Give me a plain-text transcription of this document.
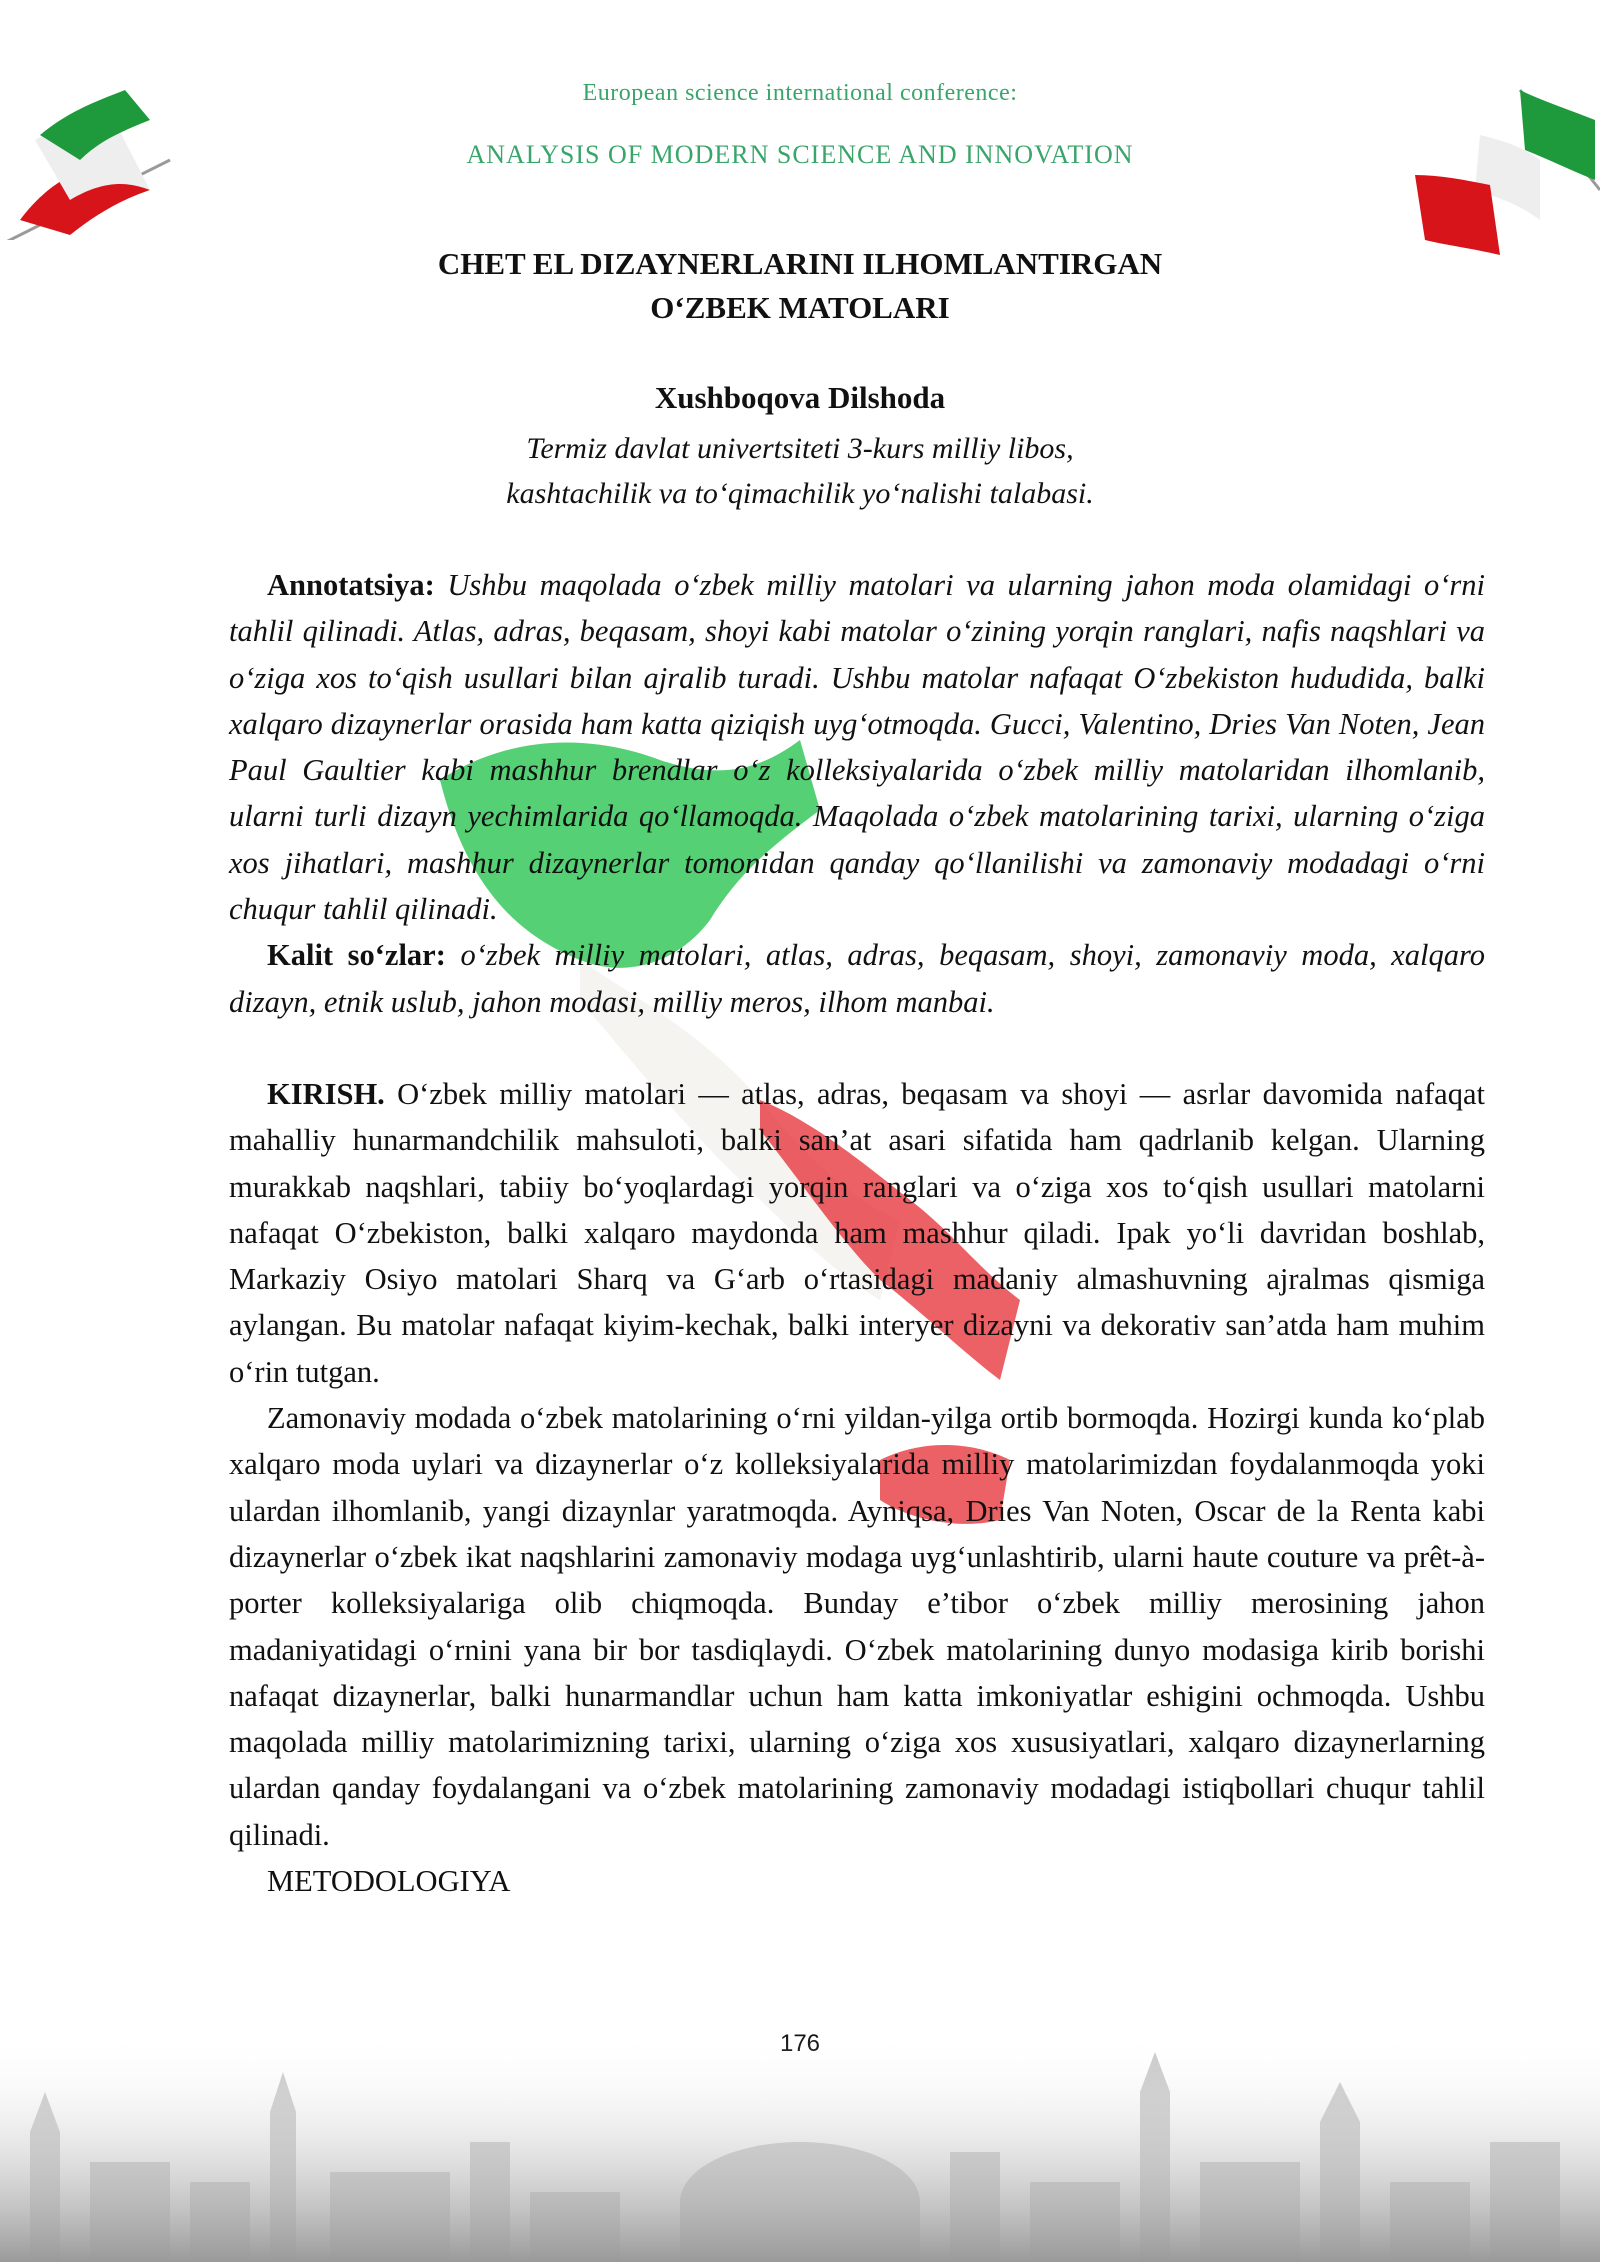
European science international conference:
ANALYSIS OF MODERN SCIENCE AND INNOVATION
CHET EL DIZAYNERLARINI ILHOMLANTIRGAN
O‘ZBEK MATOLARI
Xushboqova Dilshoda
Termiz davlat univertsiteti 3-kurs milliy libos,
kashtachilik va to‘qimachilik yo‘nalishi talabasi.

Annotatsiya: Ushbu maqolada o‘zbek milliy matolari va ularning jahon moda olamidagi o‘rni tahlil qilinadi. Atlas, adras, beqasam, shoyi kabi matolar o‘zining yorqin ranglari, nafis naqshlari va o‘ziga xos to‘qish usullari bilan ajralib turadi. Ushbu matolar nafaqat O‘zbekiston hududida, balki xalqaro dizaynerlar orasida ham katta qiziqish uyg‘otmoqda. Gucci, Valentino, Dries Van Noten, Jean Paul Gaultier kabi mashhur brendlar o‘z kolleksiyalarida o‘zbek milliy matolaridan ilhomlanib, ularni turli dizayn yechimlarida qo‘llamoqda. Maqolada o‘zbek matolarining tarixi, ularning o‘ziga xos jihatlari, mashhur dizaynerlar tomonidan qanday qo‘llanilishi va zamonaviy modadagi o‘rni chuqur tahlil qilinadi.

Kalit so‘zlar: o‘zbek milliy matolari, atlas, adras, beqasam, shoyi, zamonaviy moda, xalqaro dizayn, etnik uslub, jahon modasi, milliy meros, ilhom manbai.

KIRISH. O‘zbek milliy matolari — atlas, adras, beqasam va shoyi — asrlar davomida nafaqat mahalliy hunarmandchilik mahsuloti, balki san’at asari sifatida ham qadrlanib kelgan. Ularning murakkab naqshlari, tabiiy bo‘yoqlardagi yorqin ranglari va o‘ziga xos to‘qish usullari matolarni nafaqat O‘zbekiston, balki xalqaro maydonda ham mashhur qiladi. Ipak yo‘li davridan boshlab, Markaziy Osiyo matolari Sharq va G‘arb o‘rtasidagi madaniy almashuvning ajralmas qismiga aylangan. Bu matolar nafaqat kiyim-kechak, balki interyer dizayni va dekorativ san’atda ham muhim o‘rin tutgan.

Zamonaviy modada o‘zbek matolarining o‘rni yildan-yilga ortib bormoqda. Hozirgi kunda ko‘plab xalqaro moda uylari va dizaynerlar o‘z kolleksiyalarida milliy matolarimizdan foydalanmoqda yoki ulardan ilhomlanib, yangi dizaynlar yaratmoqda. Ayniqsa, Dries Van Noten, Oscar de la Renta kabi dizaynerlar o‘zbek ikat naqshlarini zamonaviy modaga uyg‘unlashtirib, ularni haute couture va prêt-à-porter kolleksiyalariga olib chiqmoqda. Bunday e’tibor o‘zbek milliy merosining jahon madaniyatidagi o‘rnini yana bir bor tasdiqlaydi. O‘zbek matolarining dunyo modasiga kirib borishi nafaqat dizaynerlar, balki hunarmandlar uchun ham katta imkoniyatlar eshigini ochmoqda. Ushbu maqolada milliy matolarimizning tarixi, ularning o‘ziga xos xususiyatlari, xalqaro dizaynerlarning ulardan qanday foydalangani va o‘zbek matolarining zamonaviy modadagi istiqbollari chuqur tahlil qilinadi.

METODOLOGIYA
